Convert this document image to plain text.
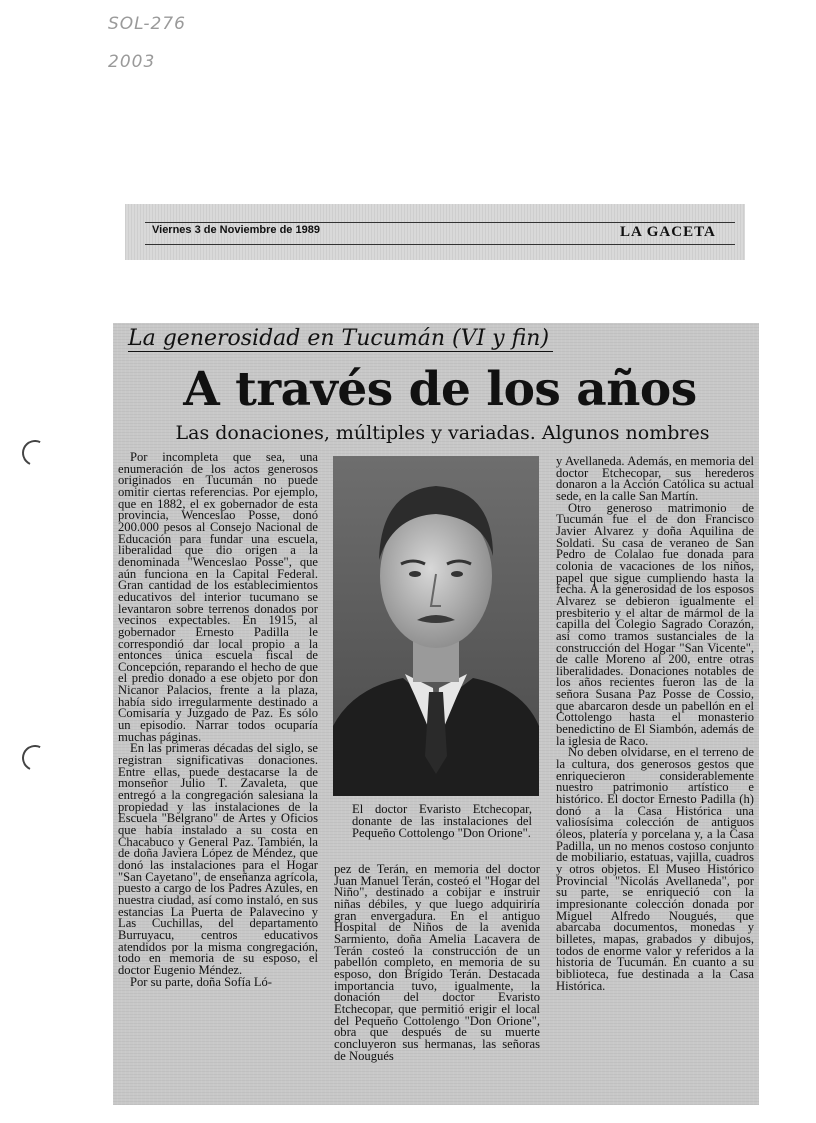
SOL-276
2003
Viernes 3 de Noviembre de 1989	LA GACETA
La generosidad en Tucumán (VI y fin)
A través de los años
Las donaciones, múltiples y variadas. Algunos nombres

Por incompleta que sea, una enumeración de los actos generosos originados en Tucumán no puede omitir ciertas referencias. Por ejemplo, que en 1882, el ex gobernador de esta provincia, Wenceslao Posse, donó 200.000 pesos al Consejo Nacional de Educación para fundar una escuela, liberalidad que dio origen a la denominada "Wenceslao Posse", que aún funciona en la Capital Federal. Gran cantidad de los establecimientos educativos del interior tucumano se levantaron sobre terrenos donados por vecinos expectables. En 1915, al gobernador Ernesto Padilla le correspondió dar local propio a la entonces única escuela fiscal de Concepción, reparando el hecho de que el predio donado a ese objeto por don Nicanor Palacios, frente a la plaza, había sido irregularmente destinado a Comisaría y Juzgado de Paz. Es sólo un episodio. Narrar todos ocuparía muchas páginas.

En las primeras décadas del siglo, se registran significativas donaciones. Entre ellas, puede destacarse la de monseñor Julio T. Zavaleta, que entregó a la congregación salesiana la propiedad y las instalaciones de la Escuela "Belgrano" de Artes y Oficios que había instalado a su costa en Chacabuco y General Paz. También, la de doña Javiera López de Méndez, que donó las instalaciones para el Hogar "San Cayetano", de enseñanza agrícola, puesto a cargo de los Padres Azules, en nuestra ciudad, así como instaló, en sus estancias La Puerta de Palavecino y Las Cuchillas, del departamento Burruyacu, centros educativos atendidos por la misma congregación, todo en memoria de su esposo, el doctor Eugenio Méndez.

Por su parte, doña Sofía Ló-

El doctor Evaristo Etchecopar, donante de las instalaciones del Pequeño Cottolengo "Don Orione".

pez de Terán, en memoria del doctor Juan Manuel Terán, costeó el "Hogar del Niño", destinado a cobijar e instruir niñas débiles, y que luego adquiriría gran envergadura. En el antiguo Hospital de Niños de la avenida Sarmiento, doña Amelia Lacavera de Terán costeó la construcción de un pabellón completo, en memoria de su esposo, don Brígido Terán. Destacada importancia tuvo, igualmente, la donación del doctor Evaristo Etchecopar, que permitió erigir el local del Pequeño Cottolengo "Don Orione", obra que después de su muerte concluyeron sus hermanas, las señoras de Nougués

y Avellaneda. Además, en memoria del doctor Etchecopar, sus herederos donaron a la Acción Católica su actual sede, en la calle San Martín.

Otro generoso matrimonio de Tucumán fue el de don Francisco Javier Alvarez y doña Aquilina de Soldati. Su casa de veraneo de San Pedro de Colalao fue donada para colonia de vacaciones de los niños, papel que sigue cumpliendo hasta la fecha. A la generosidad de los esposos Alvarez se debieron igualmente el presbiterio y el altar de mármol de la capilla del Colegio Sagrado Corazón, así como tramos sustanciales de la construcción del Hogar "San Vicente", de calle Moreno al 200, entre otras liberalidades. Donaciones notables de los años recientes fueron las de la señora Susana Paz Posse de Cossio, que abarcaron desde un pabellón en el Cottolengo hasta el monasterio benedictino de El Siambón, además de la iglesia de Raco.

No deben olvidarse, en el terreno de la cultura, dos generosos gestos que enriquecieron considerablemente nuestro patrimonio artístico e histórico. El doctor Ernesto Padilla (h) donó a la Casa Histórica una valiosísima colección de antiguos óleos, platería y porcelana y, a la Casa Padilla, un no menos costoso conjunto de mobiliario, estatuas, vajilla, cuadros y otros objetos. El Museo Histórico Provincial "Nicolás Avellaneda", por su parte, se enriqueció con la impresionante colección donada por Miguel Alfredo Nougués, que abarcaba documentos, monedas y billetes, mapas, grabados y dibujos, todos de enorme valor y referidos a la historia de Tucumán. En cuanto a su biblioteca, fue destinada a la Casa Histórica.
